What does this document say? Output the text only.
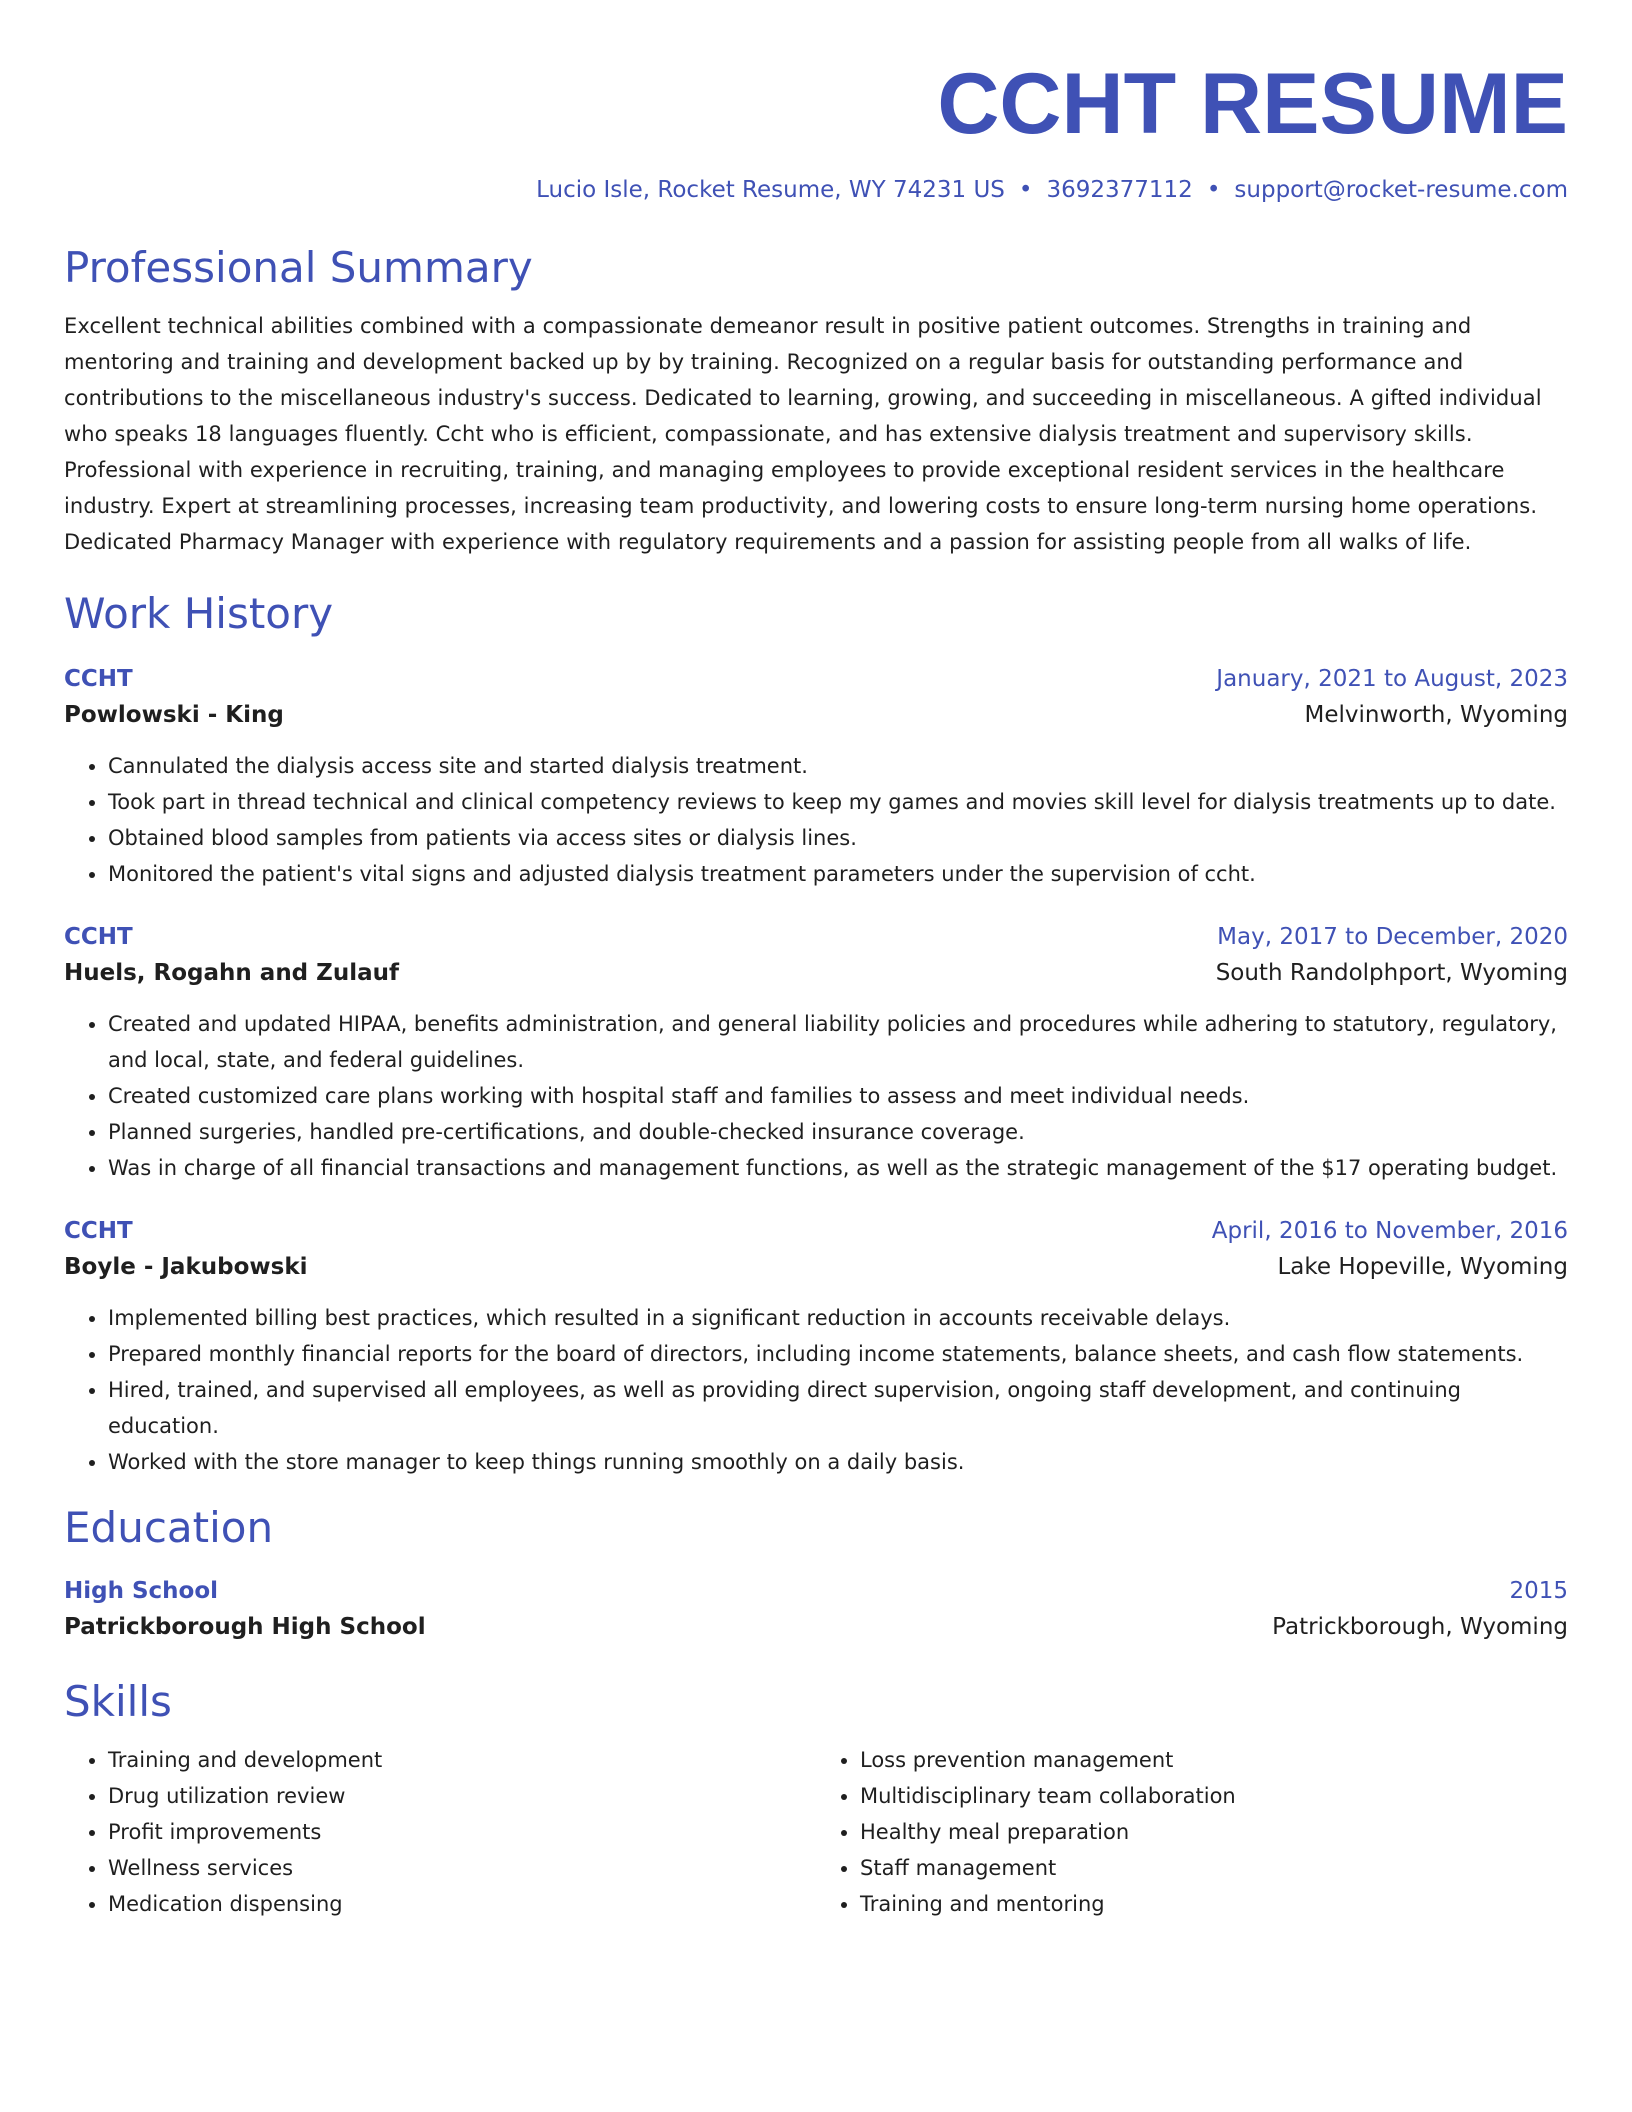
CCHT RESUME
Lucio Isle, Rocket Resume, WY 74231 US • 3692377112 • support@rocket-resume.com
Professional Summary

Excellent technical abilities combined with a compassionate demeanor result in positive patient outcomes. Strengths in training and mentoring and training and development backed up by by training. Recognized on a regular basis for outstanding performance and contributions to the miscellaneous industry's success. Dedicated to learning, growing, and succeeding in miscellaneous. A gifted individual who speaks 18 languages fluently. Ccht who is efficient, compassionate, and has extensive dialysis treatment and supervisory skills. Professional with experience in recruiting, training, and managing employees to provide exceptional resident services in the healthcare industry. Expert at streamlining processes, increasing team productivity, and lowering costs to ensure long-term nursing home operations. Dedicated Pharmacy Manager with experience with regulatory requirements and a passion for assisting people from all walks of life.

Work History
CCHT	January, 2021 to August, 2023
Powlowski - King	Melvinworth, Wyoming
• Cannulated the dialysis access site and started dialysis treatment.
• Took part in thread technical and clinical competency reviews to keep my games and movies skill level for dialysis treatments up to date.
• Obtained blood samples from patients via access sites or dialysis lines.
• Monitored the patient's vital signs and adjusted dialysis treatment parameters under the supervision of ccht.
CCHT	May, 2017 to December, 2020
Huels, Rogahn and Zulauf	South Randolphport, Wyoming
• Created and updated HIPAA, benefits administration, and general liability policies and procedures while adhering to statutory, regulatory, and local, state, and federal guidelines.
• Created customized care plans working with hospital staff and families to assess and meet individual needs.
• Planned surgeries, handled pre-certifications, and double-checked insurance coverage.
• Was in charge of all financial transactions and management functions, as well as the strategic management of the $17 operating budget.
CCHT	April, 2016 to November, 2016
Boyle - Jakubowski	Lake Hopeville, Wyoming
• Implemented billing best practices, which resulted in a significant reduction in accounts receivable delays.
• Prepared monthly financial reports for the board of directors, including income statements, balance sheets, and cash flow statements.
• Hired, trained, and supervised all employees, as well as providing direct supervision, ongoing staff development, and continuing education.
• Worked with the store manager to keep things running smoothly on a daily basis.
Education
High School	2015
Patrickborough High School	Patrickborough, Wyoming
Skills
• Training and development
• Drug utilization review
• Profit improvements
• Wellness services
• Medication dispensing
• Loss prevention management
• Multidisciplinary team collaboration
• Healthy meal preparation
• Staff management
• Training and mentoring
